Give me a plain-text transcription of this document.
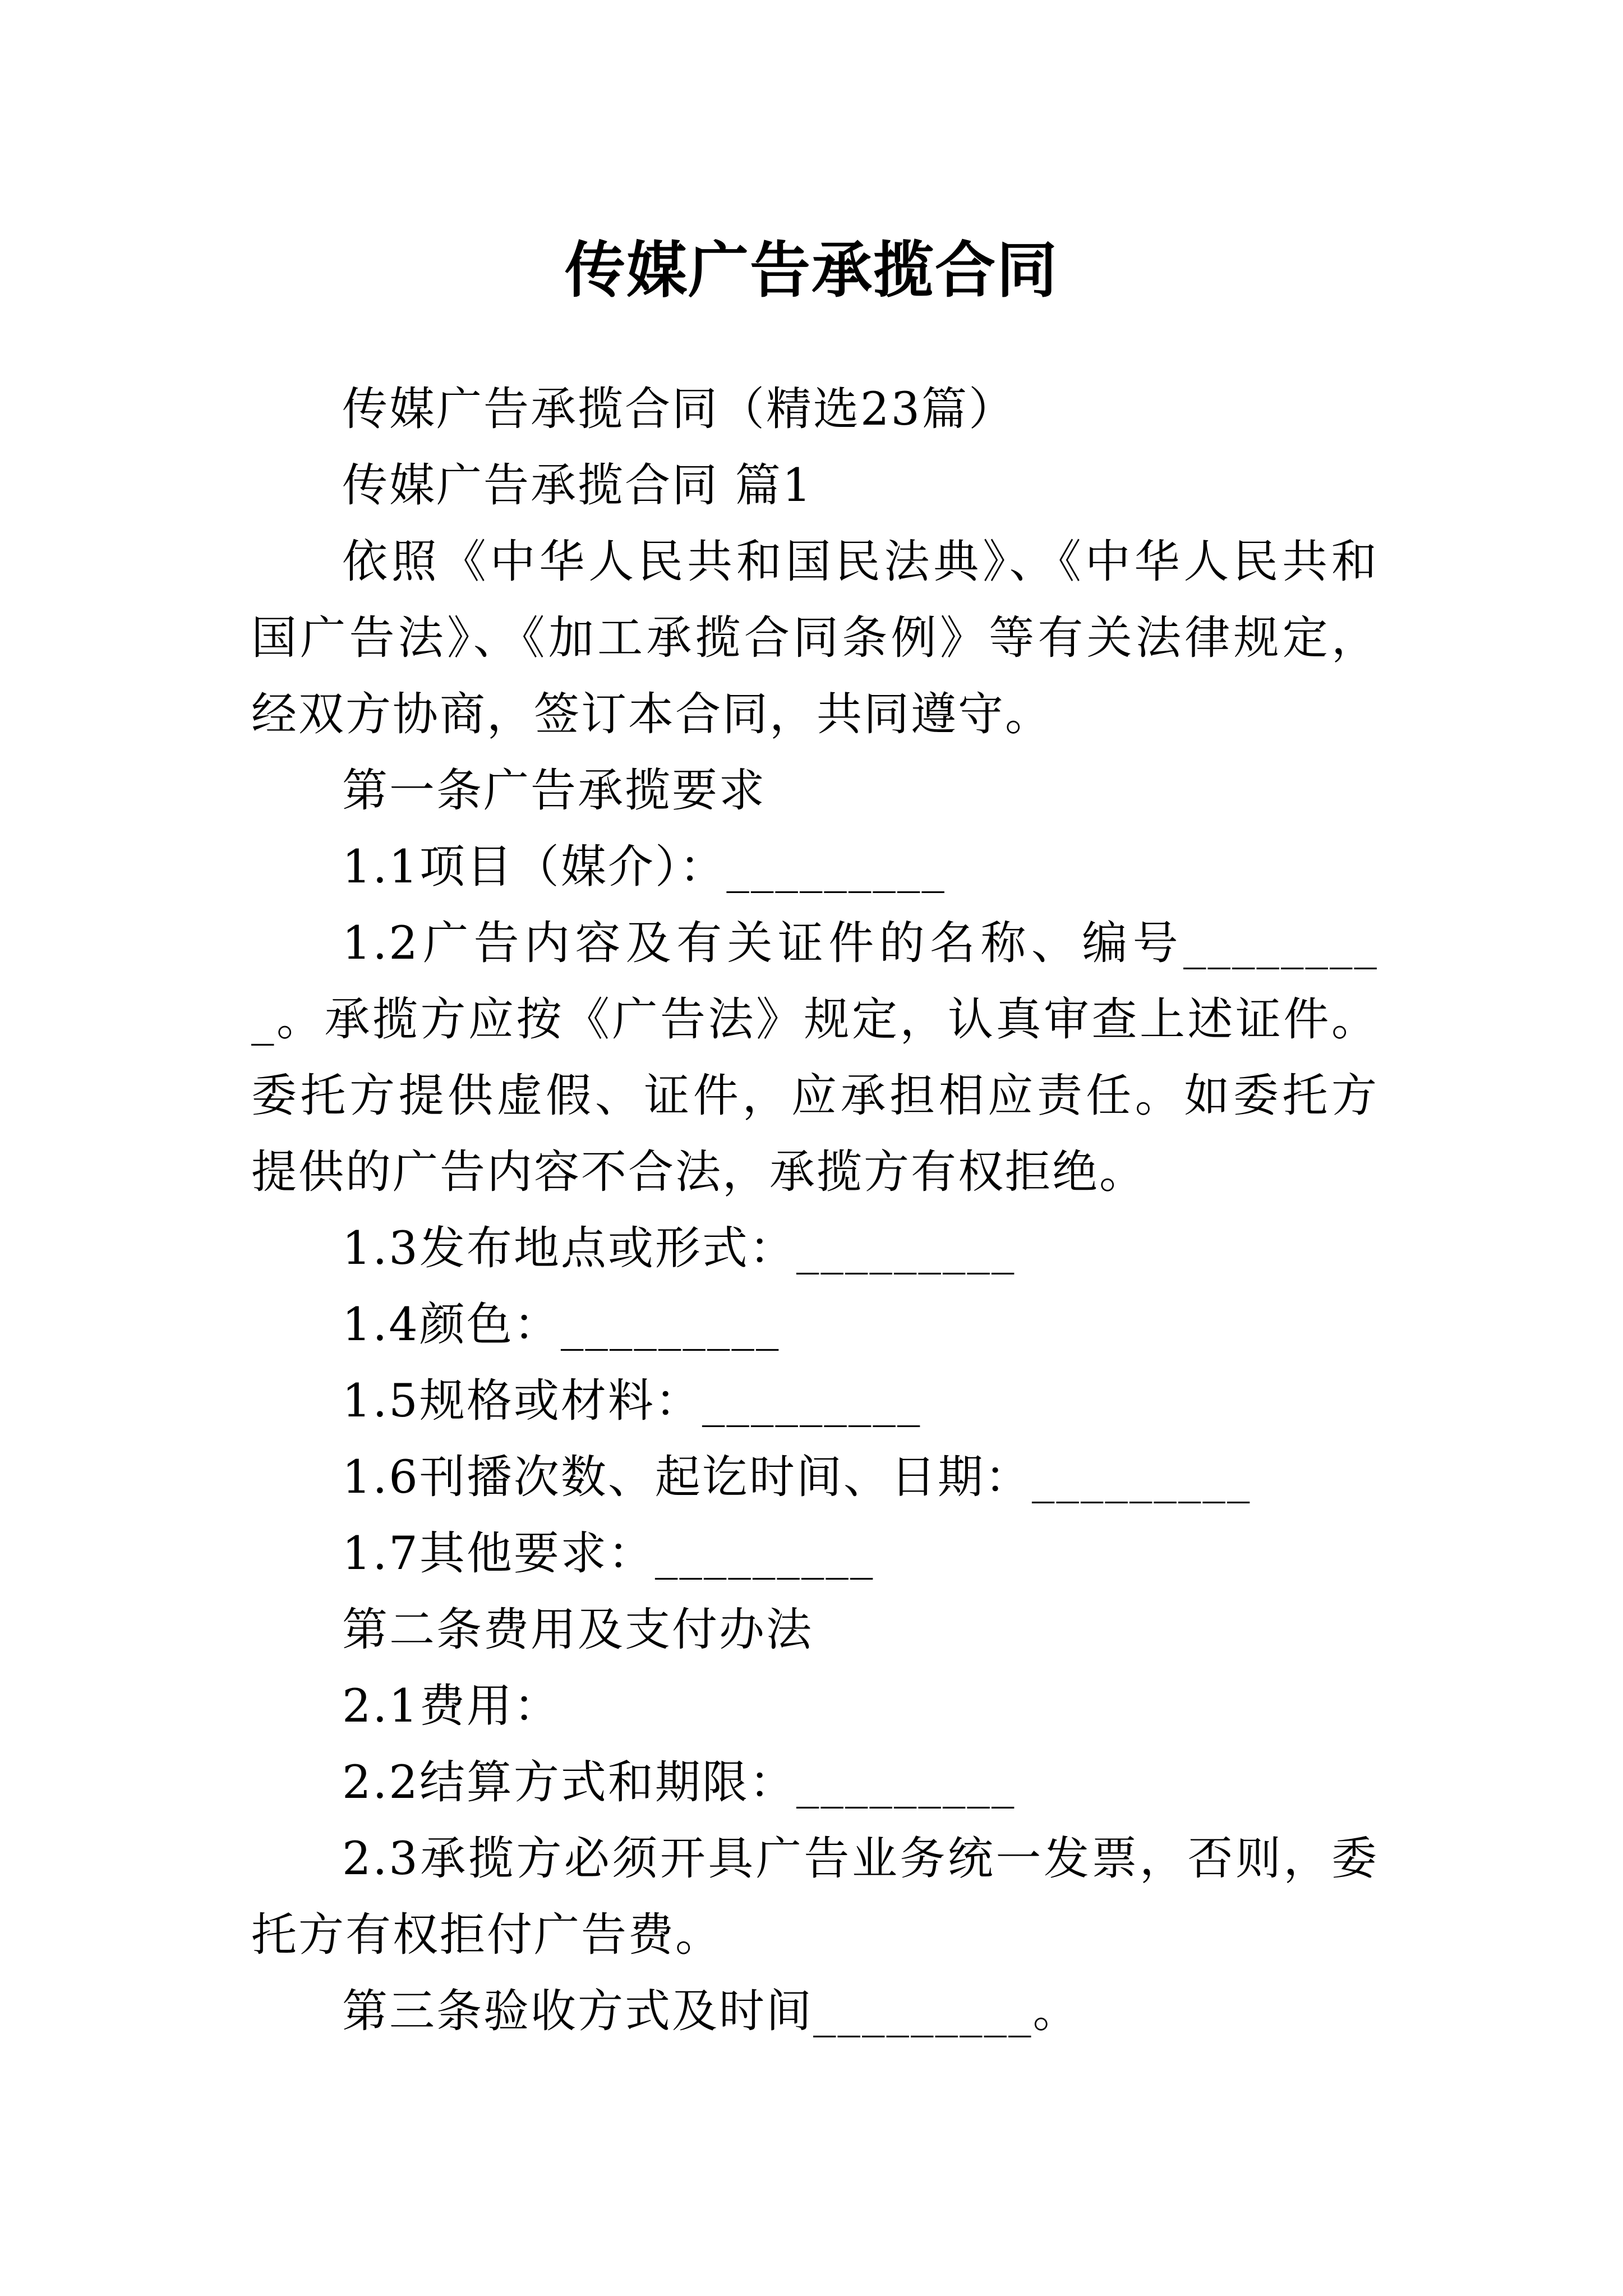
传媒广告承揽合同

传媒广告承揽合同（精选23篇）

传媒广告承揽合同 篇1

依照《中华人民共和国民法典》、《中华人民共和国广告法》、《加工承揽合同条例》等有关法律规定，经双方协商，签订本合同，共同遵守。

第一条广告承揽要求

1.1项目（媒介）：_________

1.2广告内容及有关证件的名称、编号_________。承揽方应按《广告法》规定，认真审查上述证件。委托方提供虚假、证件，应承担相应责任。如委托方提供的广告内容不合法，承揽方有权拒绝。

1.3发布地点或形式：_________

1.4颜色：_________

1.5规格或材料：_________

1.6刊播次数、起讫时间、日期：_________

1.7其他要求：_________

第二条费用及支付办法

2.1费用：

2.2结算方式和期限：_________

2.3承揽方必须开具广告业务统一发票，否则，委托方有权拒付广告费。

第三条验收方式及时间_________。
